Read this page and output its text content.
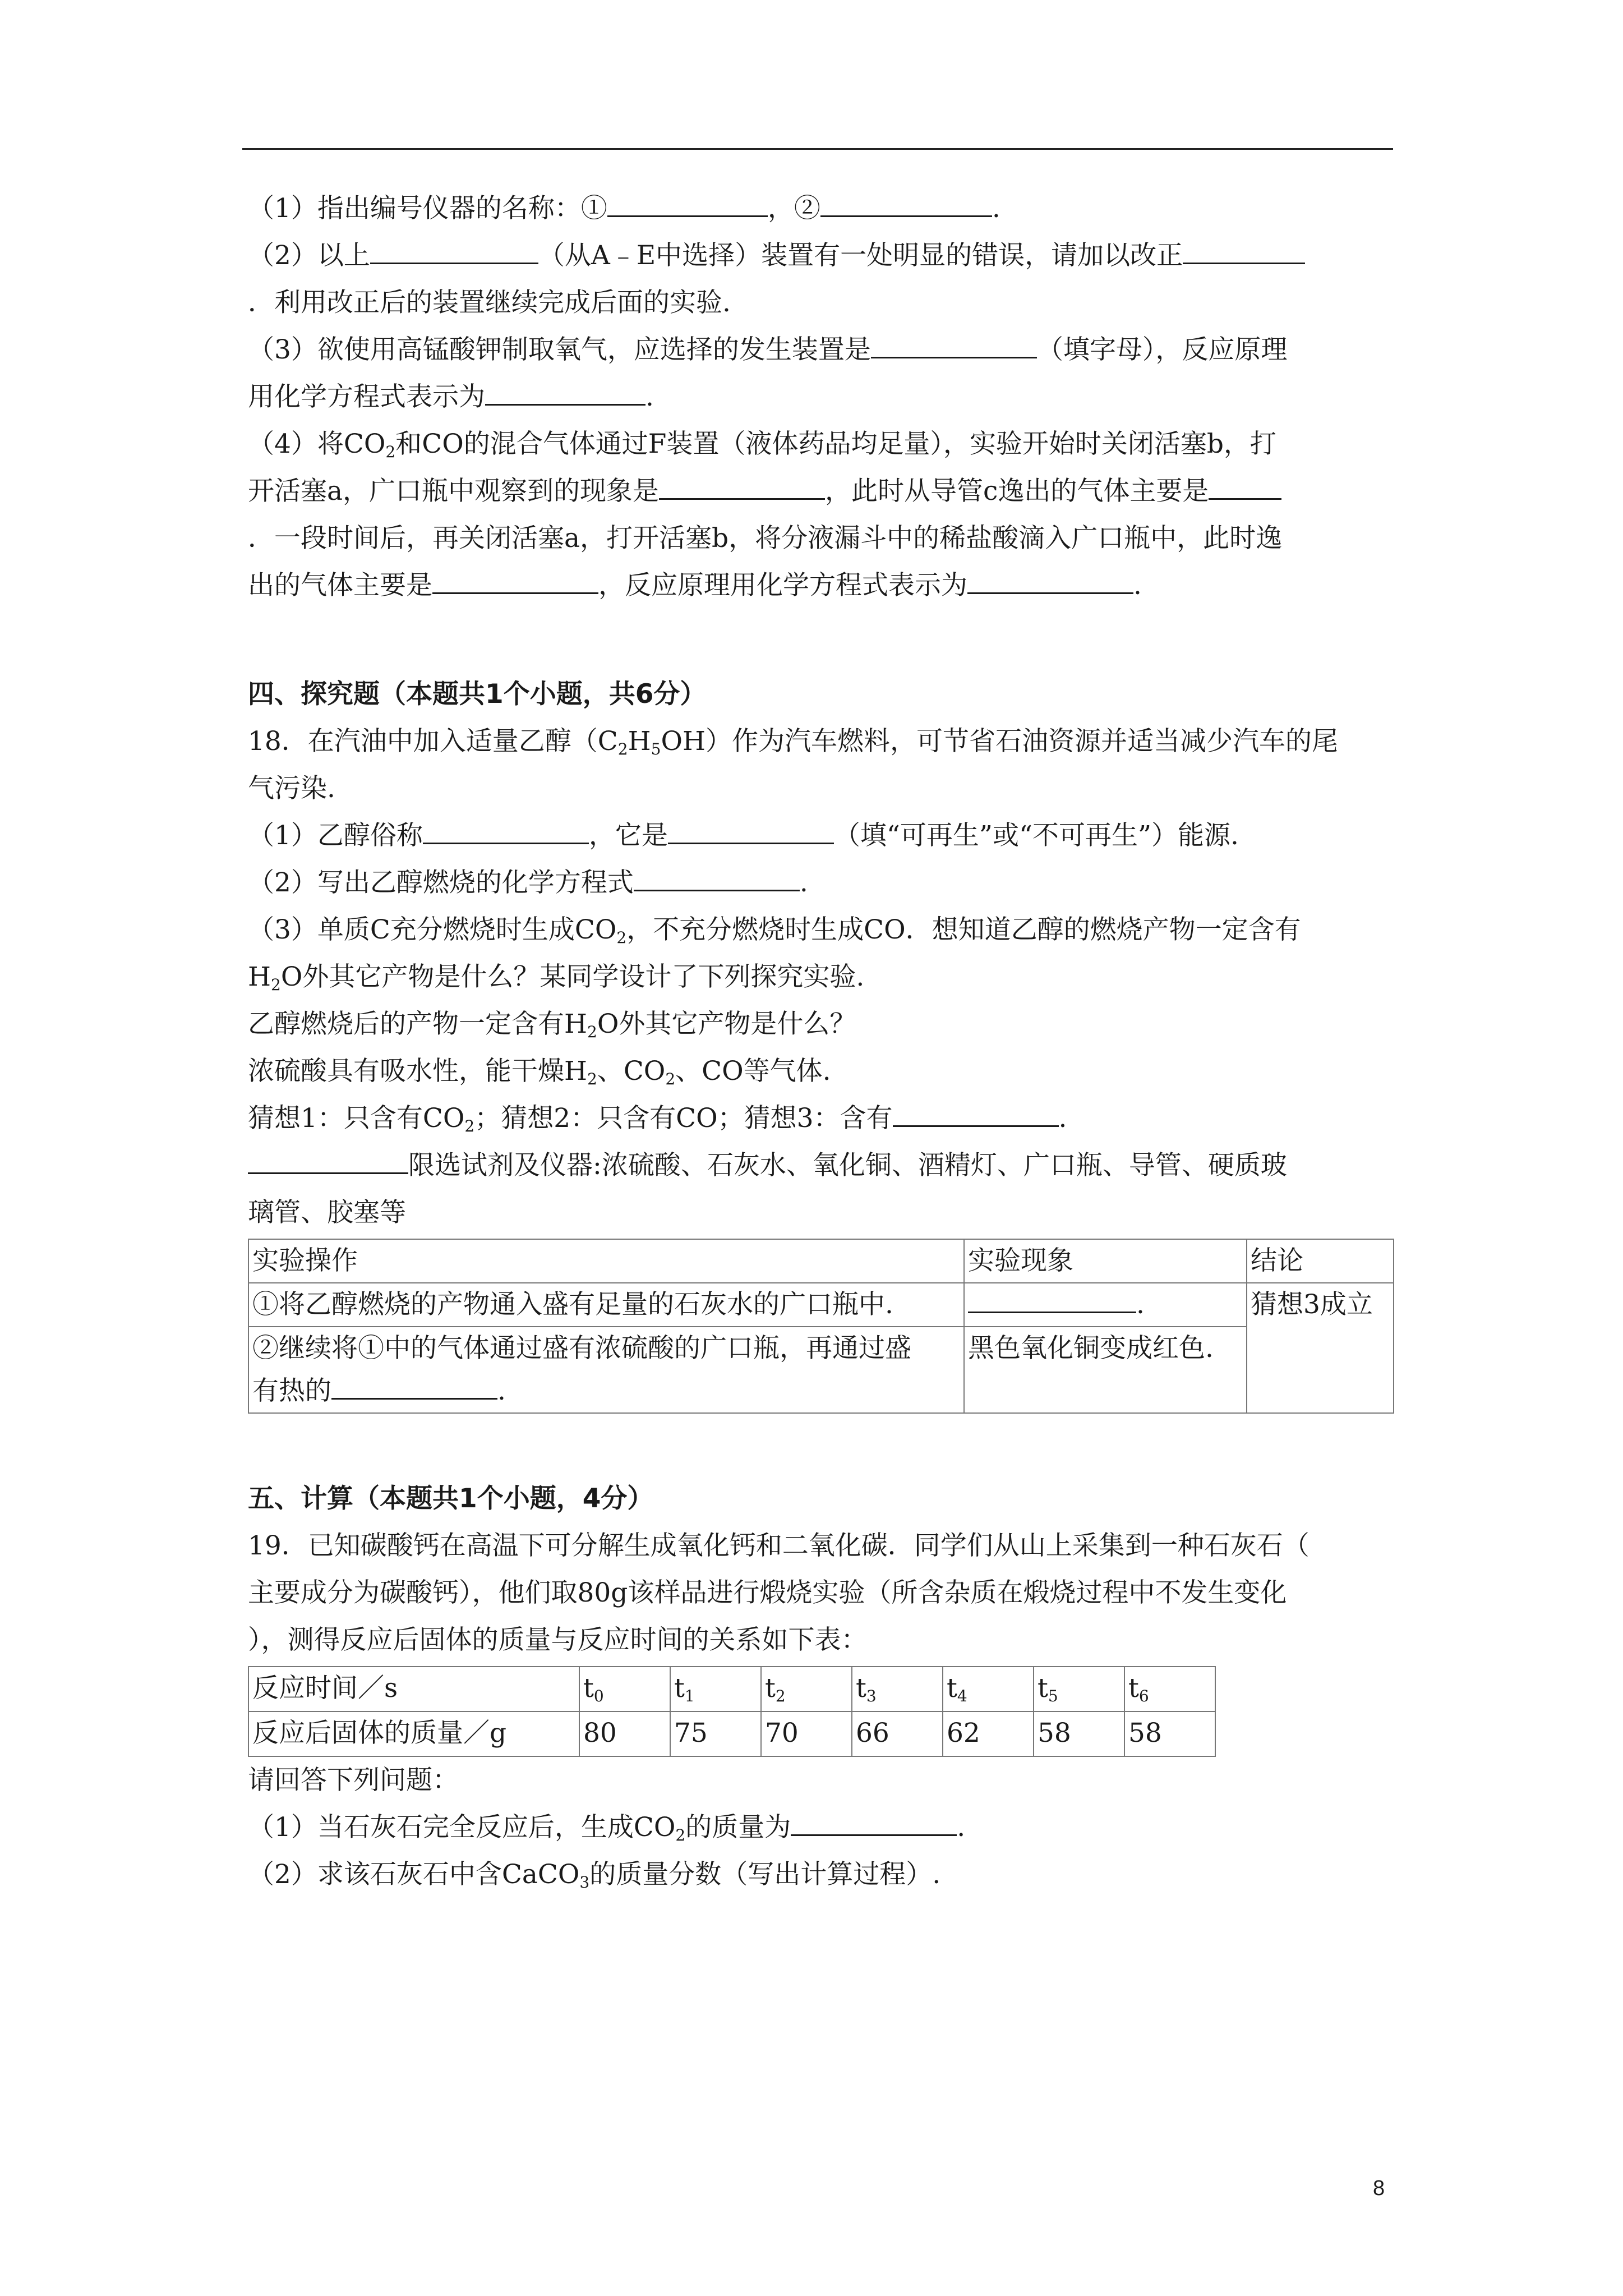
（1）指出编号仪器的名称：①	，②	.
（2）以上	（从A﹣E中选择）装置有一处明显的错误，请加以改正
．利用改正后的装置继续完成后面的实验.
（3）欲使用高锰酸钾制取氧气，应选择的发生装置是	（填字母），反应原理
用化学方程式表示为	.
（4）将$CO_2$和CO的混合气体通过F装置（液体药品均足量），实验开始时关闭活塞b，打
开活塞a，广口瓶中观察到的现象是	，此时从导管c逸出的气体主要是
．一段时间后，再关闭活塞a，打开活塞b，将分液漏斗中的稀盐酸滴入广口瓶中，此时逸
出的气体主要是	，反应原理用化学方程式表示为	.
四、探究题（本题共1个小题，共6分）
18．在汽油中加入适量乙醇$(C_2H_5OH)$作为汽车燃料，可节省石油资源并适当减少汽车的尾
气污染.
（1）乙醇俗称	，它是	（填“可再生”或“不可再生”）能源.
（2）写出乙醇燃烧的化学方程式	.
（3）单质C充分燃烧时生成$CO_2$，不充分燃烧时生成CO．想知道乙醇的燃烧产物一定含有
$H_2O$外其它产物是什么？某同学设计了下列探究实验.
乙醇燃烧后的产物一定含有$H_2O$外其它产物是什么？
浓硫酸具有吸水性，能干燥$H_2$、$CO_2$、CO等气体.
猜想1：只含有$CO_2$；猜想2：只含有CO；猜想3：含有	.
限选试剂及仪器:浓硫酸、石灰水、氧化铜、酒精灯、广口瓶、导管、硬质玻
璃管、胶塞等
实验操作	实验现象	结论
①将乙醇燃烧的产物通入盛有足量的石灰水的广口瓶中.	.	猜想3成立
②继续将①中的气体通过盛有浓硫酸的广口瓶，再通过盛
有热的 .	黑色氧化铜变成红色.	
五、计算（本题共1个小题，4分）
19．已知碳酸钙在高温下可分解生成氧化钙和二氧化碳．同学们从山上采集到一种石灰石（
主要成分为碳酸钙），他们取80g该样品进行煅烧实验（所含杂质在煅烧过程中不发生变化
），测得反应后固体的质量与反应时间的关系如下表：
反应时间／s	$t_0$	$t_1$	$t_2$	$t_3$	$t_4$	$t_5$	$t_6$
反应后固体的质量／g	80	75	70	66	62	58	58
请回答下列问题：
（1）当石灰石完全反应后，生成$CO_2$的质量为	.
（2）求该石灰石中含CaCO$_3$的质量分数（写出计算过程）.
8
